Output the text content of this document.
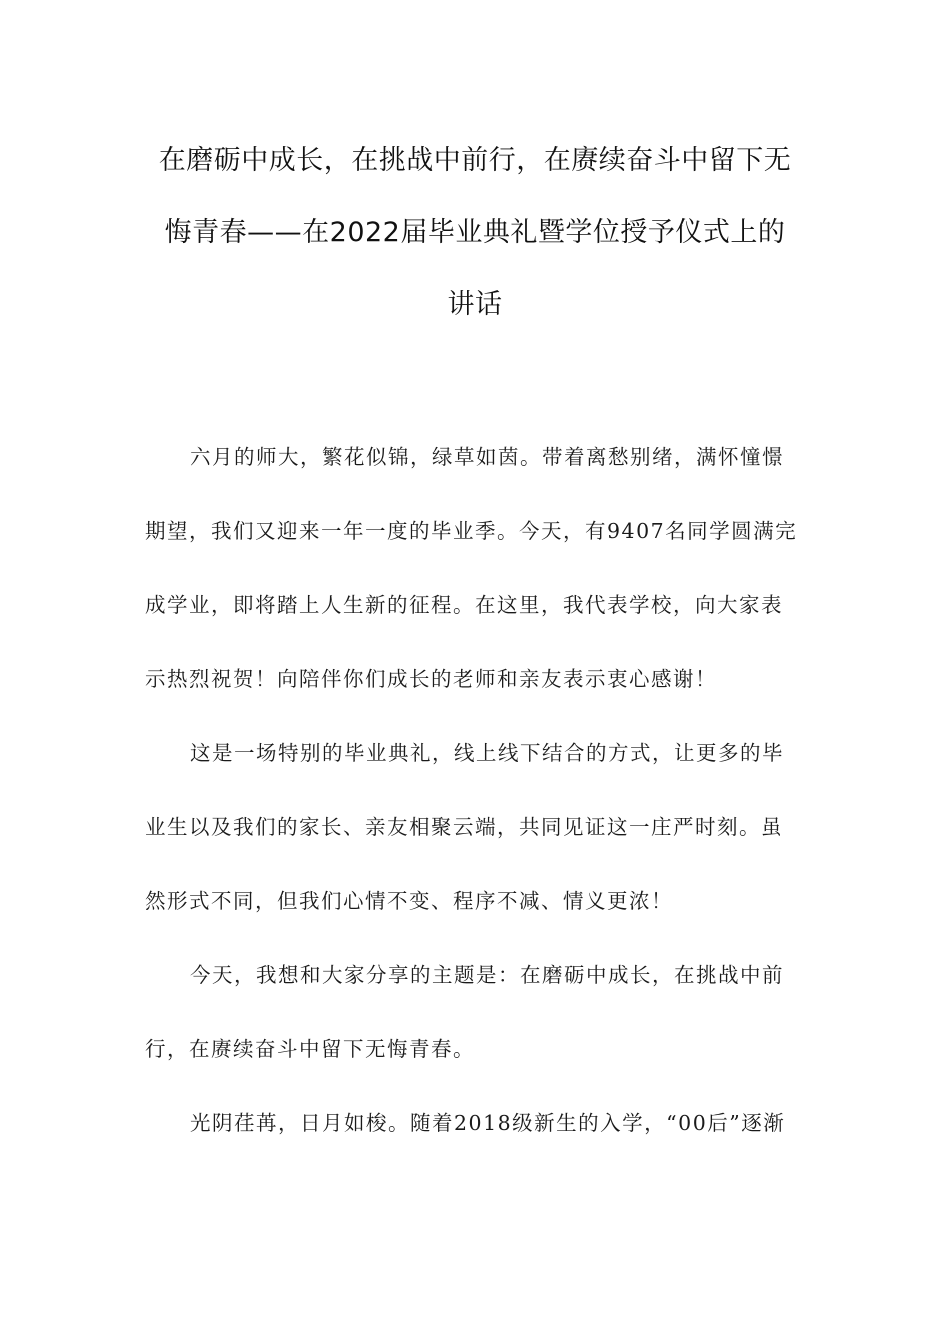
在磨砺中成长，在挑战中前行，在赓续奋斗中留下无
悔青春——在2022届毕业典礼暨学位授予仪式上的
讲话
六月的师大，繁花似锦，绿草如茵。带着离愁别绪，满怀憧憬
期望，我们又迎来一年一度的毕业季。今天，有9407名同学圆满完
成学业，即将踏上人生新的征程。在这里，我代表学校，向大家表
示热烈祝贺！向陪伴你们成长的老师和亲友表示衷心感谢！
这是一场特别的毕业典礼，线上线下结合的方式，让更多的毕
业生以及我们的家长、亲友相聚云端，共同见证这一庄严时刻。虽
然形式不同，但我们心情不变、程序不减、情义更浓！
今天，我想和大家分享的主题是：在磨砺中成长，在挑战中前
行，在赓续奋斗中留下无悔青春。
光阴荏苒，日月如梭。随着2018级新生的入学，“00后”逐渐
